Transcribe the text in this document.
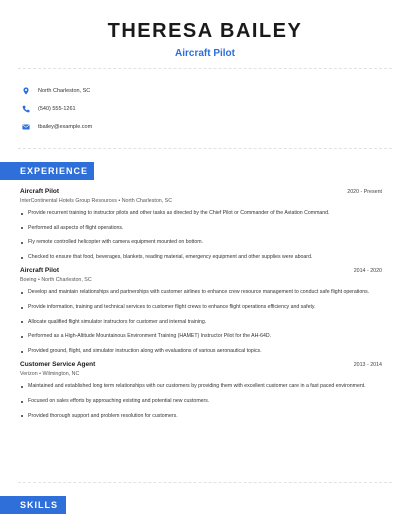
THERESA BAILEY
Aircraft Pilot
North Charleston, SC
(540) 555-1261
tbailey@example.com
EXPERIENCE
Aircraft Pilot	2020 - Present
InterContinental Hotels Group Resources • North Charleston, SC
Provide recurrent training to instructor pilots and other tasks as directed by the Chief Pilot or Commander of the Aviation Command.
Performed all aspects of flight operations.
Fly remote controlled helicopter with camera equipment mounted on bottom.
Checked to ensure that food, beverages, blankets, reading material, emergency equipment and other supplies were aboard.
Aircraft Pilot	2014 - 2020
Boeing • North Charleston, SC
Develop and maintain relationships and partnerships with customer airlines to enhance crew resource management to conduct safe flight operations.
Provide information, training and technical services to customer flight crews to enhance flight operations efficiency and safety.
Allocate qualified flight simulator instructors for customer and internal training.
Performed as a High-Altitude Mountainous Environment Training (HAMET) Instructor Pilot for the AH-64D.
Provided ground, flight, and simulator instruction along with evaluations of various aeronautical topics.
Customer Service Agent	2013 - 2014
Verizon • Wilmington, NC
Maintained and established long term relationships with our customers by providing them with excellent customer care in a fast paced environment.
Focused on sales efforts by approaching existing and potential new customers.
Provided thorough support and problem resolution for customers.
SKILLS
